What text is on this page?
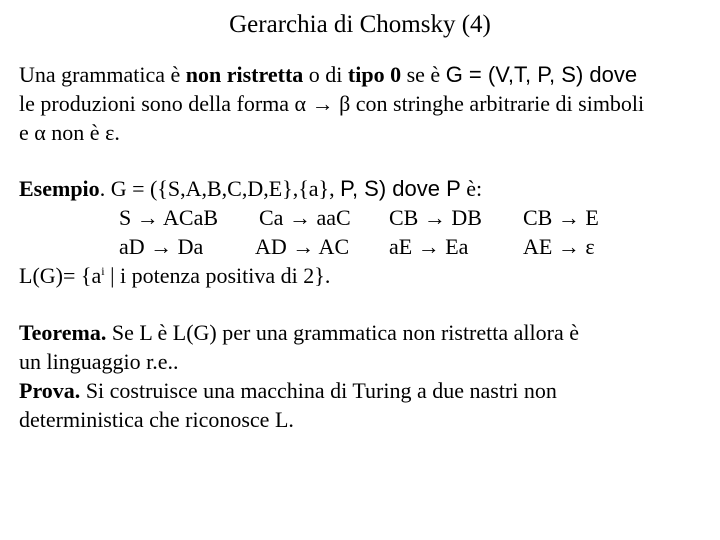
Gerarchia di Chomsky (4)
Una grammatica è non ristretta o di tipo 0 se è G = (V,T, P, S) dove
le produzioni sono della forma α → β con stringhe arbitrarie di simboli
e α non è ε.
Esempio. G = ({S,A,B,C,D,E},{a}, P, S) dove P è:
S → ACaB Ca → aaC CB → DB CB → E
aD → Da AD → AC aE → Ea AE → ε
$L(G)= \{a^i$ | i potenza positiva di 2}.
Teorema. Se L è L(G) per una grammatica non ristretta allora è
un linguaggio r.e..
Prova. Si costruisce una macchina di Turing a due nastri non
deterministica che riconosce L.
